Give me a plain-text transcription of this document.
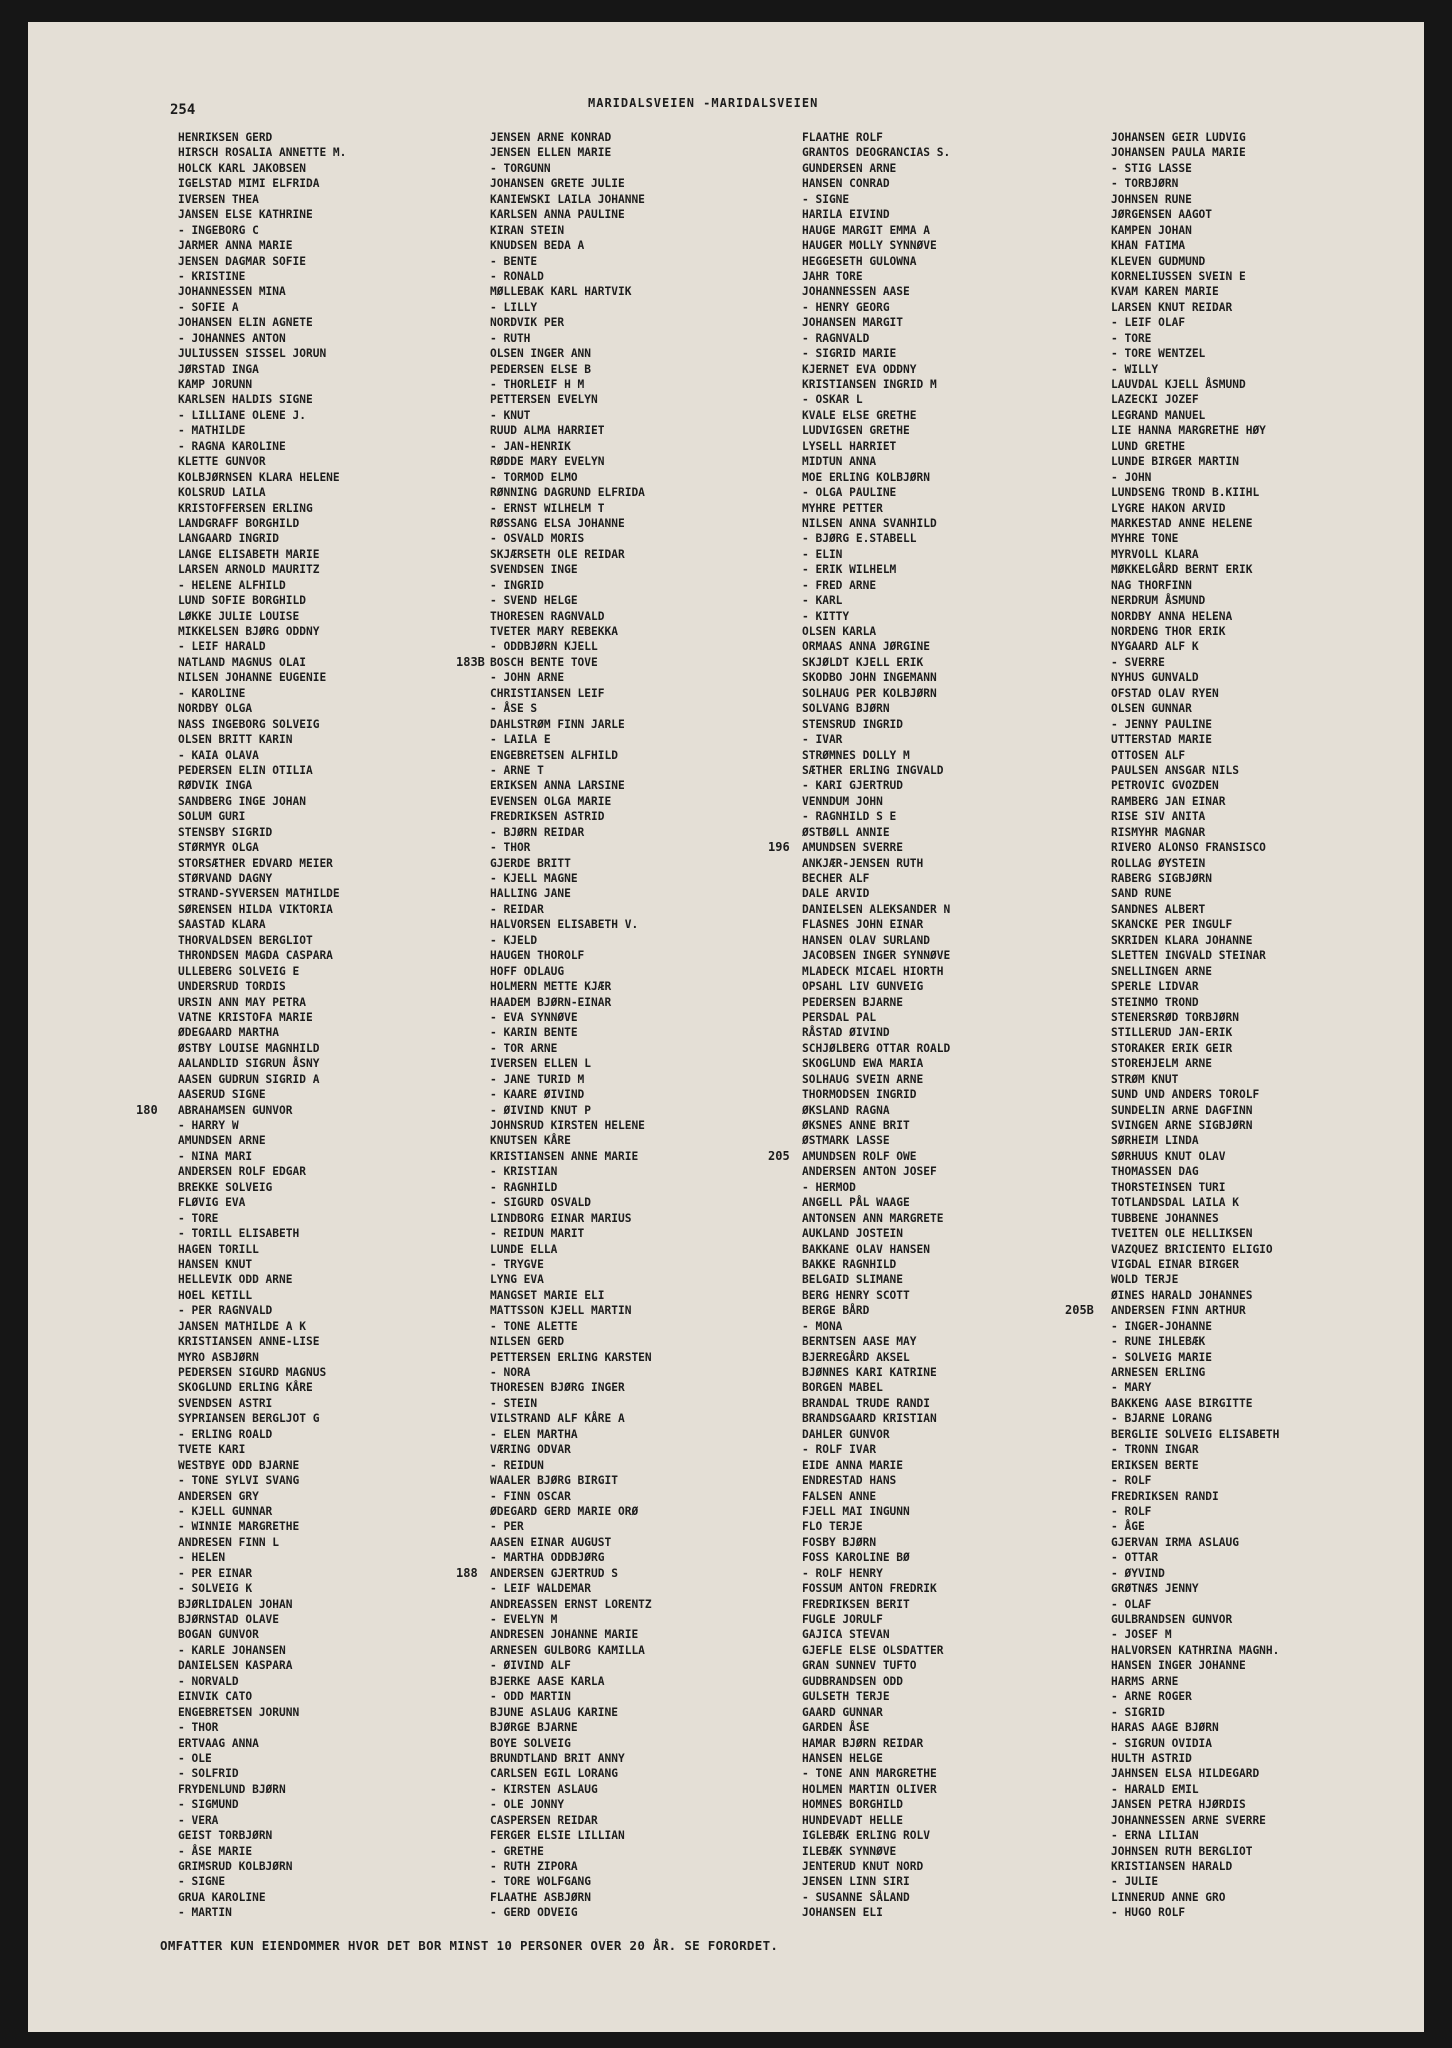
254	MARIDALSVEIEN -MARIDALSVEIEN
HENRIKSEN GERD
HIRSCH ROSALIA ANNETTE M.
HOLCK KARL JAKOBSEN
IGELSTAD MIMI ELFRIDA
IVERSEN THEA
JANSEN ELSE KATHRINE
- INGEBORG C
JARMER ANNA MARIE
JENSEN DAGMAR SOFIE
- KRISTINE
JOHANNESSEN MINA
- SOFIE A
JOHANSEN ELIN AGNETE
- JOHANNES ANTON
JULIUSSEN SISSEL JORUN
JØRSTAD INGA
KAMP JORUNN
KARLSEN HALDIS SIGNE
- LILLIANE OLENE J.
- MATHILDE
- RAGNA KAROLINE
KLETTE GUNVOR
KOLBJØRNSEN KLARA HELENE
KOLSRUD LAILA
KRISTOFFERSEN ERLING
LANDGRAFF BORGHILD
LANGAARD INGRID
LANGE ELISABETH MARIE
LARSEN ARNOLD MAURITZ
- HELENE ALFHILD
LUND SOFIE BORGHILD
LØKKE JULIE LOUISE
MIKKELSEN BJØRG ODDNY
- LEIF HARALD
NATLAND MAGNUS OLAI
NILSEN JOHANNE EUGENIE
- KAROLINE
NORDBY OLGA
NASS INGEBORG SOLVEIG
OLSEN BRITT KARIN
- KAIA OLAVA
PEDERSEN ELIN OTILIA
RØDVIK INGA
SANDBERG INGE JOHAN
SOLUM GURI
STENSBY SIGRID
STØRMYR OLGA
STORSÆTHER EDVARD MEIER
STØRVAND DAGNY
STRAND-SYVERSEN MATHILDE
SØRENSEN HILDA VIKTORIA
SAASTAD KLARA
THORVALDSEN BERGLIOT
THRONDSEN MAGDA CASPARA
ULLEBERG SOLVEIG E
UNDERSRUD TORDIS
URSIN ANN MAY PETRA
VATNE KRISTOFA MARIE
ØDEGAARD MARTHA
ØSTBY LOUISE MAGNHILD
AALANDLID SIGRUN ÅSNY
AASEN GUDRUN SIGRID A
AASERUD SIGNE
180 ABRAHAMSEN GUNVOR
- HARRY W
AMUNDSEN ARNE
- NINA MARI
ANDERSEN ROLF EDGAR
BREKKE SOLVEIG
FLØVIG EVA
- TORE
- TORILL ELISABETH
HAGEN TORILL
HANSEN KNUT
HELLEVIK ODD ARNE
HOEL KETILL
- PER RAGNVALD
JANSEN MATHILDE A K
KRISTIANSEN ANNE-LISE
MYRO ASBJØRN
PEDERSEN SIGURD MAGNUS
SKOGLUND ERLING KÅRE
SVENDSEN ASTRI
SYPRIANSEN BERGLJOT G
- ERLING ROALD
TVETE KARI
WESTBYE ODD BJARNE
- TONE SYLVI SVANG
ANDERSEN GRY
- KJELL GUNNAR
- WINNIE MARGRETHE
ANDRESEN FINN L
- HELEN
- PER EINAR
- SOLVEIG K
BJØRLIDALEN JOHAN
BJØRNSTAD OLAVE
BOGAN GUNVOR
- KARLE JOHANSEN
DANIELSEN KASPARA
- NORVALD
EINVIK CATO
ENGEBRETSEN JORUNN
- THOR
ERTVAAG ANNA
- OLE
- SOLFRID
FRYDENLUND BJØRN
- SIGMUND
- VERA
GEIST TORBJØRN
- ÅSE MARIE
GRIMSRUD KOLBJØRN
- SIGNE
GRUA KAROLINE
- MARTIN
JENSEN ARNE KONRAD
JENSEN ELLEN MARIE
- TORGUNN
JOHANSEN GRETE JULIE
KANIEWSKI LAILA JOHANNE
KARLSEN ANNA PAULINE
KIRAN STEIN
KNUDSEN BEDA A
- BENTE
- RONALD
MØLLEBAK KARL HARTVIK
- LILLY
NORDVIK PER
- RUTH
OLSEN INGER ANN
PEDERSEN ELSE B
- THORLEIF H M
PETTERSEN EVELYN
- KNUT
RUUD ALMA HARRIET
- JAN-HENRIK
RØDDE MARY EVELYN
- TORMOD ELMO
RØNNING DAGRUND ELFRIDA
- ERNST WILHELM T
RØSSANG ELSA JOHANNE
- OSVALD MORIS
SKJÆRSETH OLE REIDAR
SVENDSEN INGE
- INGRID
- SVEND HELGE
THORESEN RAGNVALD
TVETER MARY REBEKKA
- ODDBJØRN KJELL
183B BOSCH BENTE TOVE
- JOHN ARNE
CHRISTIANSEN LEIF
- ÅSE S
DAHLSTRØM FINN JARLE
- LAILA E
ENGEBRETSEN ALFHILD
- ARNE T
ERIKSEN ANNA LARSINE
EVENSEN OLGA MARIE
FREDRIKSEN ASTRID
- BJØRN REIDAR
- THOR
GJERDE BRITT
- KJELL MAGNE
HALLING JANE
- REIDAR
HALVORSEN ELISABETH V.
- KJELD
HAUGEN THOROLF
HOFF ODLAUG
HOLMERN METTE KJÆR
HAADEM BJØRN-EINAR
- EVA SYNNØVE
- KARIN BENTE
- TOR ARNE
IVERSEN ELLEN L
- JANE TURID M
- KAARE ØIVIND
- ØIVIND KNUT P
JOHNSRUD KIRSTEN HELENE
KNUTSEN KÅRE
KRISTIANSEN ANNE MARIE
- KRISTIAN
- RAGNHILD
- SIGURD OSVALD
LINDBORG EINAR MARIUS
- REIDUN MARIT
LUNDE ELLA
- TRYGVE
LYNG EVA
MANGSET MARIE ELI
MATTSSON KJELL MARTIN
- TONE ALETTE
NILSEN GERD
PETTERSEN ERLING KARSTEN
- NORA
THORESEN BJØRG INGER
- STEIN
VILSTRAND ALF KÅRE A
- ELEN MARTHA
VÆRING ODVAR
- REIDUN
WAALER BJØRG BIRGIT
- FINN OSCAR
ØDEGARD GERD MARIE ORØ
- PER
AASEN EINAR AUGUST
- MARTHA ODDBJØRG
188 ANDERSEN GJERTRUD S
- LEIF WALDEMAR
ANDREASSEN ERNST LORENTZ
- EVELYN M
ANDRESEN JOHANNE MARIE
ARNESEN GULBORG KAMILLA
- ØIVIND ALF
BJERKE AASE KARLA
- ODD MARTIN
BJUNE ASLAUG KARINE
BJØRGE BJARNE
BOYE SOLVEIG
BRUNDTLAND BRIT ANNY
CARLSEN EGIL LORANG
- KIRSTEN ASLAUG
- OLE JONNY
CASPERSEN REIDAR
FERGER ELSIE LILLIAN
- GRETHE
- RUTH ZIPORA
- TORE WOLFGANG
FLAATHE ASBJØRN
- GERD ODVEIG
FLAATHE ROLF
GRANTOS DEOGRANCIAS S.
GUNDERSEN ARNE
HANSEN CONRAD
- SIGNE
HARILA EIVIND
HAUGE MARGIT EMMA A
HAUGER MOLLY SYNNØVE
HEGGESETH GULOWNA
JAHR TORE
JOHANNESSEN AASE
- HENRY GEORG
JOHANSEN MARGIT
- RAGNVALD
- SIGRID MARIE
KJERNET EVA ODDNY
KRISTIANSEN INGRID M
- OSKAR L
KVALE ELSE GRETHE
LUDVIGSEN GRETHE
LYSELL HARRIET
MIDTUN ANNA
MOE ERLING KOLBJØRN
- OLGA PAULINE
MYHRE PETTER
NILSEN ANNA SVANHILD
- BJØRG E.STABELL
- ELIN
- ERIK WILHELM
- FRED ARNE
- KARL
- KITTY
OLSEN KARLA
ORMAAS ANNA JØRGINE
SKJØLDT KJELL ERIK
SKODBO JOHN INGEMANN
SOLHAUG PER KOLBJØRN
SOLVANG BJØRN
STENSRUD INGRID
- IVAR
STRØMNES DOLLY M
SÆTHER ERLING INGVALD
- KARI GJERTRUD
VENNDUM JOHN
- RAGNHILD S E
ØSTBØLL ANNIE
196 AMUNDSEN SVERRE
ANKJÆR-JENSEN RUTH
BECHER ALF
DALE ARVID
DANIELSEN ALEKSANDER N
FLASNES JOHN EINAR
HANSEN OLAV SURLAND
JACOBSEN INGER SYNNØVE
MLADECK MICAEL HIORTH
OPSAHL LIV GUNVEIG
PEDERSEN BJARNE
PERSDAL PAL
RÅSTAD ØIVIND
SCHJØLBERG OTTAR ROALD
SKOGLUND EWA MARIA
SOLHAUG SVEIN ARNE
THORMODSEN INGRID
ØKSLAND RAGNA
ØKSNES ANNE BRIT
ØSTMARK LASSE
205 AMUNDSEN ROLF OWE
ANDERSEN ANTON JOSEF
- HERMOD
ANGELL PÅL WAAGE
ANTONSEN ANN MARGRETE
AUKLAND JOSTEIN
BAKKANE OLAV HANSEN
BAKKE RAGNHILD
BELGAID SLIMANE
BERG HENRY SCOTT
BERGE BÅRD
- MONA
BERNTSEN AASE MAY
BJERREGÅRD AKSEL
BJØNNES KARI KATRINE
BORGEN MABEL
BRANDAL TRUDE RANDI
BRANDSGAARD KRISTIAN
DAHLER GUNVOR
- ROLF IVAR
EIDE ANNA MARIE
ENDRESTAD HANS
FALSEN ANNE
FJELL MAI INGUNN
FLO TERJE
FOSBY BJØRN
FOSS KAROLINE BØ
- ROLF HENRY
FOSSUM ANTON FREDRIK
FREDRIKSEN BERIT
FUGLE JORULF
GAJICA STEVAN
GJEFLE ELSE OLSDATTER
GRAN SUNNEV TUFTO
GUDBRANDSEN ODD
GULSETH TERJE
GAARD GUNNAR
GARDEN ÅSE
HAMAR BJØRN REIDAR
HANSEN HELGE
- TONE ANN MARGRETHE
HOLMEN MARTIN OLIVER
HOMNES BORGHILD
HUNDEVADT HELLE
IGLEBÆK ERLING ROLV
ILEBÆK SYNNØVE
JENTERUD KNUT NORD
JENSEN LINN SIRI
- SUSANNE SÅLAND
JOHANSEN ELI
JOHANSEN GEIR LUDVIG
JOHANSEN PAULA MARIE
- STIG LASSE
- TORBJØRN
JOHNSEN RUNE
JØRGENSEN AAGOT
KAMPEN JOHAN
KHAN FATIMA
KLEVEN GUDMUND
KORNELIUSSEN SVEIN E
KVAM KAREN MARIE
LARSEN KNUT REIDAR
- LEIF OLAF
- TORE
- TORE WENTZEL
- WILLY
LAUVDAL KJELL ÅSMUND
LAZECKI JOZEF
LEGRAND MANUEL
LIE HANNA MARGRETHE HØY
LUND GRETHE
LUNDE BIRGER MARTIN
- JOHN
LUNDSENG TROND B.KIIHL
LYGRE HAKON ARVID
MARKESTAD ANNE HELENE
MYHRE TONE
MYRVOLL KLARA
MØKKELGÅRD BERNT ERIK
NAG THORFINN
NERDRUM ÅSMUND
NORDBY ANNA HELENA
NORDENG THOR ERIK
NYGAARD ALF K
- SVERRE
NYHUS GUNVALD
OFSTAD OLAV RYEN
OLSEN GUNNAR
- JENNY PAULINE
UTTERSTAD MARIE
OTTOSEN ALF
PAULSEN ANSGAR NILS
PETROVIC GVOZDEN
RAMBERG JAN EINAR
RISE SIV ANITA
RISMYHR MAGNAR
RIVERO ALONSO FRANSISCO
ROLLAG ØYSTEIN
RABERG SIGBJØRN
SAND RUNE
SANDNES ALBERT
SKANCKE PER INGULF
SKRIDEN KLARA JOHANNE
SLETTEN INGVALD STEINAR
SNELLINGEN ARNE
SPERLE LIDVAR
STEINMO TROND
STENERSRØD TORBJØRN
STILLERUD JAN-ERIK
STORAKER ERIK GEIR
STOREHJELM ARNE
STRØM KNUT
SUND UND ANDERS TOROLF
SUNDELIN ARNE DAGFINN
SVINGEN ARNE SIGBJØRN
SØRHEIM LINDA
SØRHUUS KNUT OLAV
THOMASSEN DAG
THORSTEINSEN TURI
TOTLANDSDAL LAILA K
TUBBENE JOHANNES
TVEITEN OLE HELLIKSEN
VAZQUEZ BRICIENTO ELIGIO
VIGDAL EINAR BIRGER
WOLD TERJE
ØINES HARALD JOHANNES
205B ANDERSEN FINN ARTHUR
- INGER-JOHANNE
- RUNE IHLEBÆK
- SOLVEIG MARIE
ARNESEN ERLING
- MARY
BAKKENG AASE BIRGITTE
- BJARNE LORANG
BERGLIE SOLVEIG ELISABETH
- TRONN INGAR
ERIKSEN BERTE
- ROLF
FREDRIKSEN RANDI
- ROLF
- ÅGE
GJERVAN IRMA ASLAUG
- OTTAR
- ØYVIND
GRØTNÆS JENNY
- OLAF
GULBRANDSEN GUNVOR
- JOSEF M
HALVORSEN KATHRINA MAGNH.
HANSEN INGER JOHANNE
HARMS ARNE
- ARNE ROGER
- SIGRID
HARAS AAGE BJØRN
- SIGRUN OVIDIA
HULTH ASTRID
JAHNSEN ELSA HILDEGARD
- HARALD EMIL
JANSEN PETRA HJØRDIS
JOHANNESSEN ARNE SVERRE
- ERNA LILIAN
JOHNSEN RUTH BERGLIOT
KRISTIANSEN HARALD
- JULIE
LINNERUD ANNE GRO
- HUGO ROLF
OMFATTER KUN EIENDOMMER HVOR DET BOR MINST 10 PERSONER OVER 20 ÅR. SE FORORDET.
